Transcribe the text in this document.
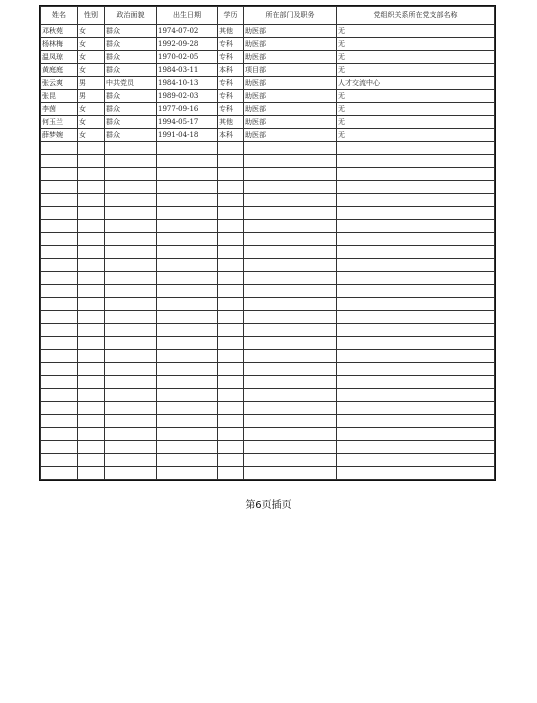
姓名	性别	政治面貌	出生日期	学历	所在部门及职务	党组织关系所在党支部名称
邓秋苑	女	群众	1974-07-02	其他	助医部	无
杨林梅	女	群众	1992-09-28	专科	助医部	无
温凤琼	女	群众	1970-02-05	专科	助医部	无
黄庭庭	女	群众	1984-03-11	本科	项目部	无
张云爽	男	中共党员	1984-10-13	专科	助医部	人才交流中心
张昆	男	群众	1989-02-03	专科	助医部	无
李茵	女	群众	1977-09-16	专科	助医部	无
何玉兰	女	群众	1994-05-17	其他	助医部	无
薛梦婉	女	群众	1991-04-18	本科	助医部	无

第6页插页
